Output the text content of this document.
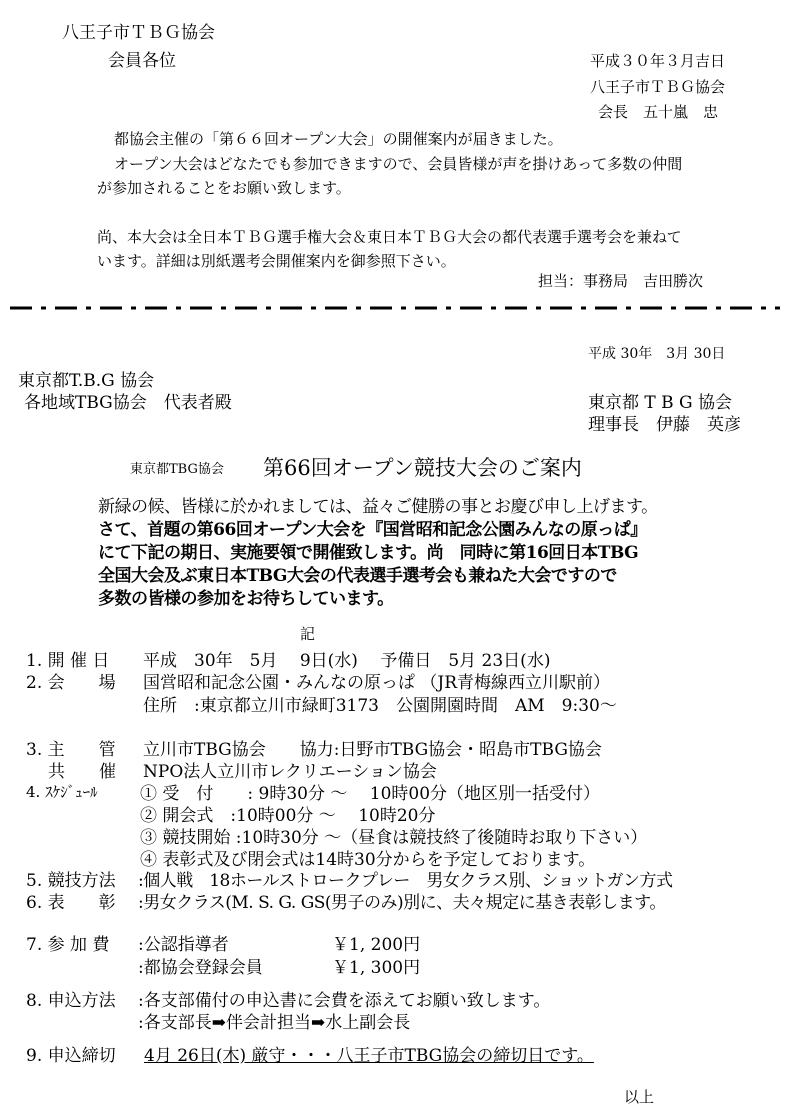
八王子市ＴＢＧ協会
会員各位	平成３０年３月吉日
八王子市ＴＢＧ協会
会長　五十嵐　忠
都協会主催の「第６６回オープン大会」の開催案内が届きました。
オープン大会はどなたでも参加できますので、会員皆様が声を掛けあって多数の仲間
が参加されることをお願い致します。
尚、本大会は全日本ＴＢＧ選手権大会＆東日本ＴＢＧ大会の都代表選手選考会を兼ねて
います。詳細は別紙選考会開催案内を御参照下さい。
担当：事務局　吉田勝次
平成 30年　3月 30日
東京都T.B.G 協会
各地域TBG協会　代表者殿	東京都 T B G 協会
理事長　伊藤　英彦
東京都TBG協会 第66回オープン競技大会のご案内
新緑の候、皆様に於かれましては、益々ご健勝の事とお慶び申し上げます。
さて、首題の第66回オープン大会を『国営昭和記念公園みんなの原っぱ』
にて下記の期日、実施要領で開催致します。尚　同時に第16回日本TBG
全国大会及ぶ東日本TBG大会の代表選手選考会も兼ねた大会ですので
多数の皆様の参加をお待ちしています。
記
1. 開 催 日 平成　30年　5月　 9日(水)　 予備日　5月 23日(水)
2. 会　　場 国営昭和記念公園・みんなの原っぱ （JR青梅線西立川駅前）
住所　:東京都立川市緑町3173　公園開園時間　AM　9:30〜
3. 主　　管 立川市TBG協会　　協力:日野市TBG協会・昭島市TBG協会
共　　催 NPO法人立川市レクリエーション協会
4. ｽｹｼﾞｭｰﾙ ① 受　付　　: 9時30分 〜　 10時00分（地区別一括受付）
② 開会式　:10時00分 〜　 10時20分
③ 競技開始 :10時30分 〜（昼食は競技終了後随時お取り下さい）
④ 表彰式及び閉会式は14時30分からを予定しております。
5. 競技方法 :個人戦　18ホールストロークプレー　男女クラス別、ショットガン方式
6. 表　　彰 :男女クラス(M. S. G. GS(男子のみ)別に、夫々規定に基き表彰します。
7. 参 加 費 :公認指導者	￥1, 200円
:都協会登録会員	￥1, 300円
8. 申込方法 :各支部備付の申込書に会費を添えてお願い致します。
:各支部長➡伴会計担当➡水上副会長
9. 申込締切 4月 26日(木) 厳守・・・八王子市TBG協会の締切日です。
以上
